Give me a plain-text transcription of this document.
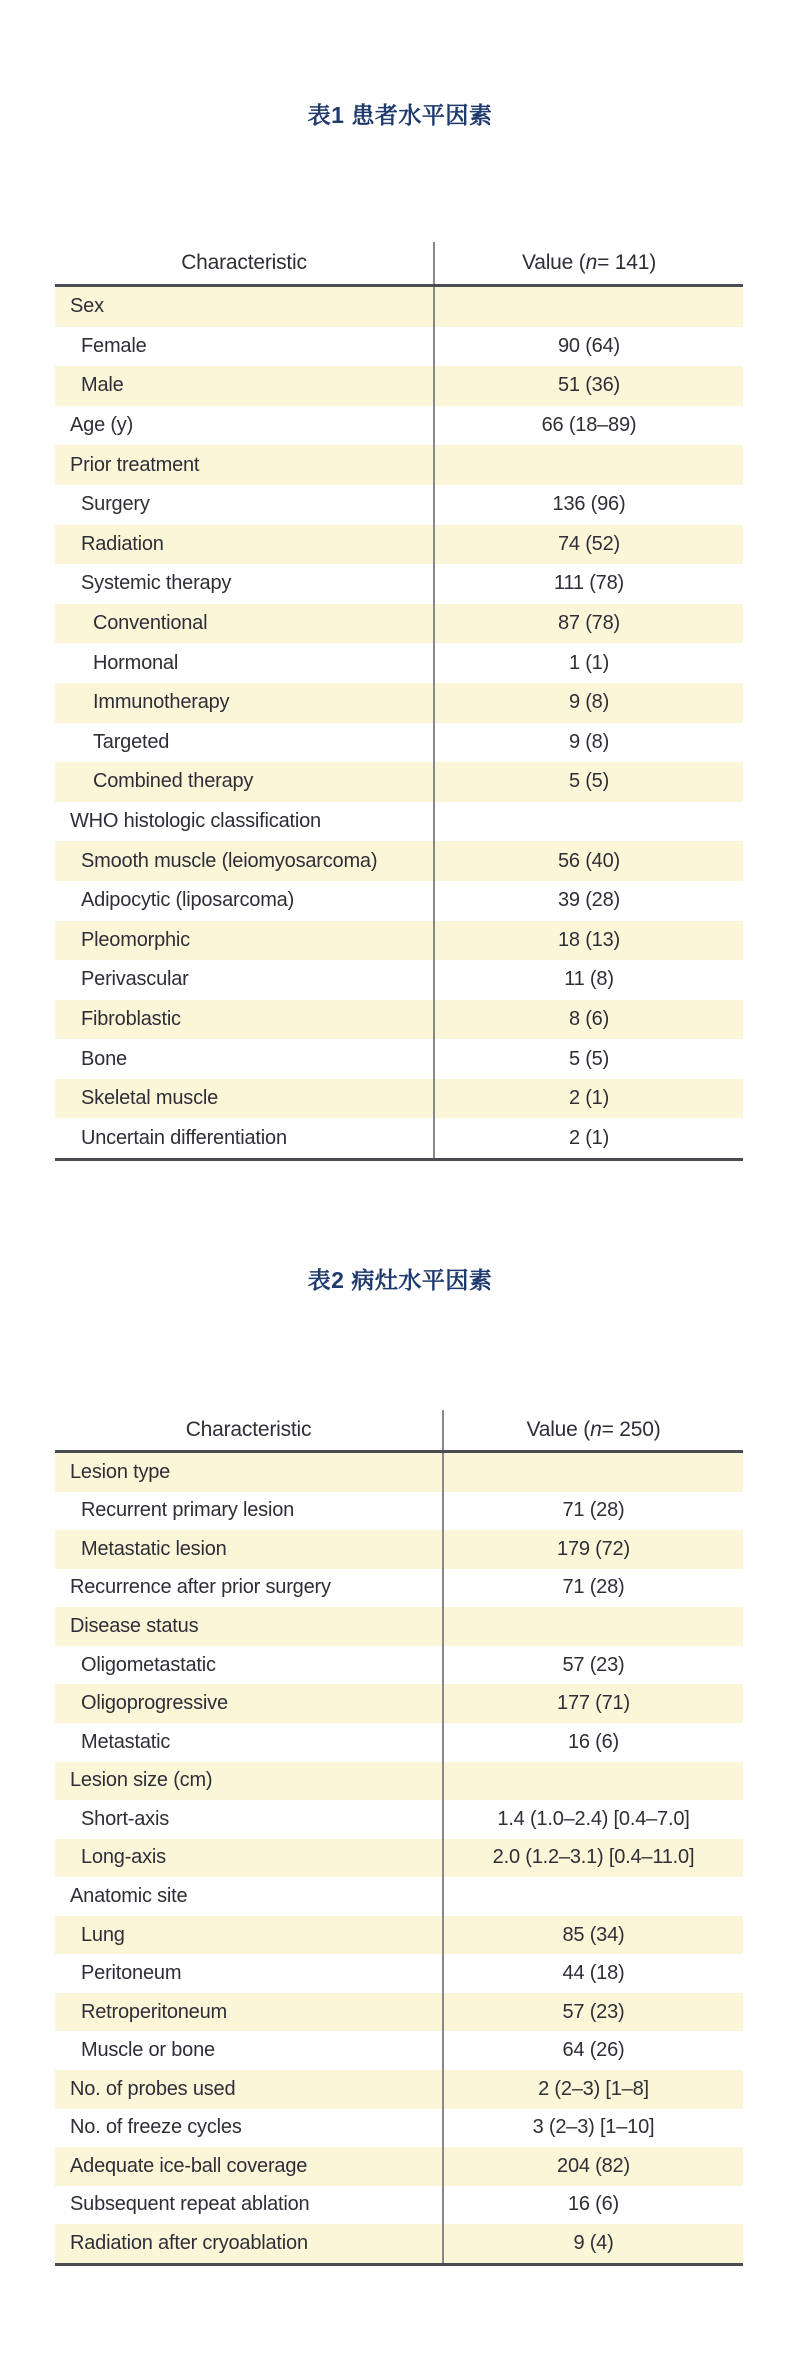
表1 患者水平因素
Characteristic	Value ( n = 141)
Sex
Female	90 (64)
Male	51 (36)
Age (y)	66 (18–89)
Prior treatment
Surgery	136 (96)
Radiation	74 (52)
Systemic therapy	111 (78)
Conventional	87 (78)
Hormonal	1 (1)
Immunotherapy	9 (8)
Targeted	9 (8)
Combined therapy	5 (5)
WHO histologic classification
Smooth muscle (leiomyosarcoma)	56 (40)
Adipocytic (liposarcoma)	39 (28)
Pleomorphic	18 (13)
Perivascular	11 (8)
Fibroblastic	8 (6)
Bone	5 (5)
Skeletal muscle	2 (1)
Uncertain differentiation	2 (1)
表2 病灶水平因素
Characteristic	Value ( n = 250)
Lesion type
Recurrent primary lesion	71 (28)
Metastatic lesion	179 (72)
Recurrence after prior surgery	71 (28)
Disease status
Oligometastatic	57 (23)
Oligoprogressive	177 (71)
Metastatic	16 (6)
Lesion size (cm)
Short-axis	1.4 (1.0–2.4) [0.4–7.0]
Long-axis	2.0 (1.2–3.1) [0.4–11.0]
Anatomic site
Lung	85 (34)
Peritoneum	44 (18)
Retroperitoneum	57 (23)
Muscle or bone	64 (26)
No. of probes used	2 (2–3) [1–8]
No. of freeze cycles	3 (2–3) [1–10]
Adequate ice-ball coverage	204 (82)
Subsequent repeat ablation	16 (6)
Radiation after cryoablation	9 (4)
